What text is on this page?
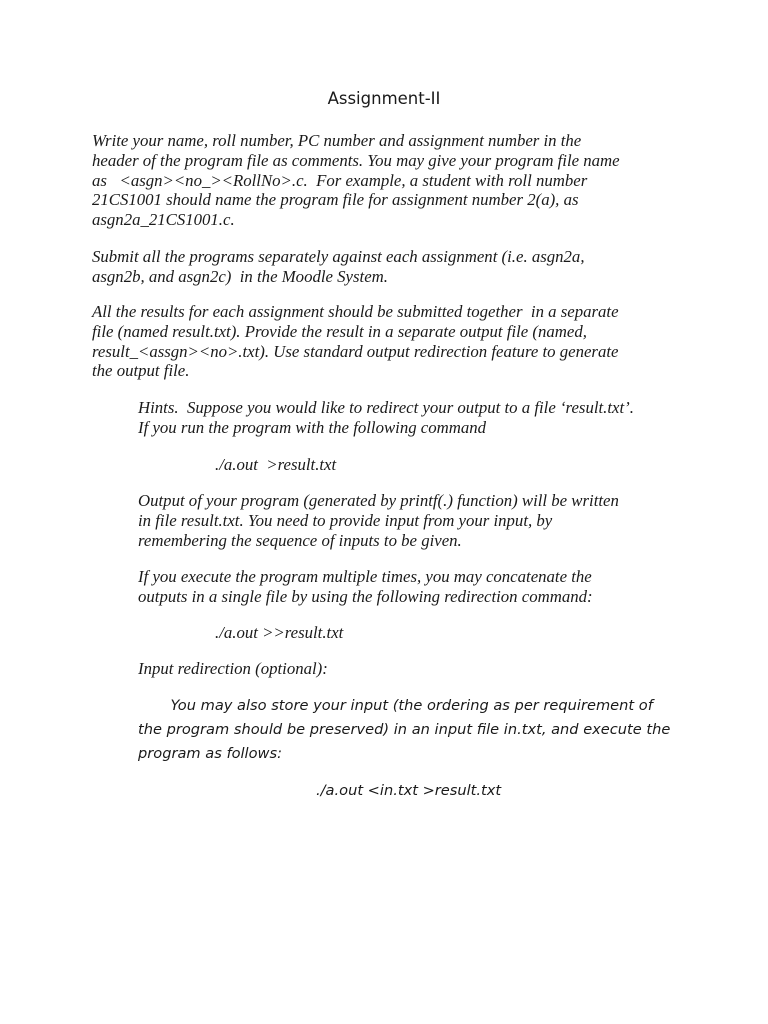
Assignment-II
Write your name, roll number, PC number and assignment number in the
header of the program file as comments. You may give your program file name
as   <asgn><no_><RollNo>.c.  For example, a student with roll number
21CS1001 should name the program file for assignment number 2(a), as
asgn2a_21CS1001.c.
Submit all the programs separately against each assignment (i.e. asgn2a,
asgn2b, and asgn2c)  in the Moodle System.
All the results for each assignment should be submitted together  in a separate
file (named result.txt). Provide the result in a separate output file (named,
result_<assgn><no>.txt). Use standard output redirection feature to generate
the output file.
Hints.  Suppose you would like to redirect your output to a file ‘result.txt’.
If you run the program with the following command
./a.out  >result.txt
Output of your program (generated by printf(.) function) will be written
in file result.txt. You need to provide input from your input, by
remembering the sequence of inputs to be given.
If you execute the program multiple times, you may concatenate the
outputs in a single file by using the following redirection command:
./a.out >>result.txt
Input redirection (optional):
You may also store your input (the ordering as per requirement of
the program should be preserved) in an input file in.txt, and execute the
program as follows:
./a.out <in.txt >result.txt
